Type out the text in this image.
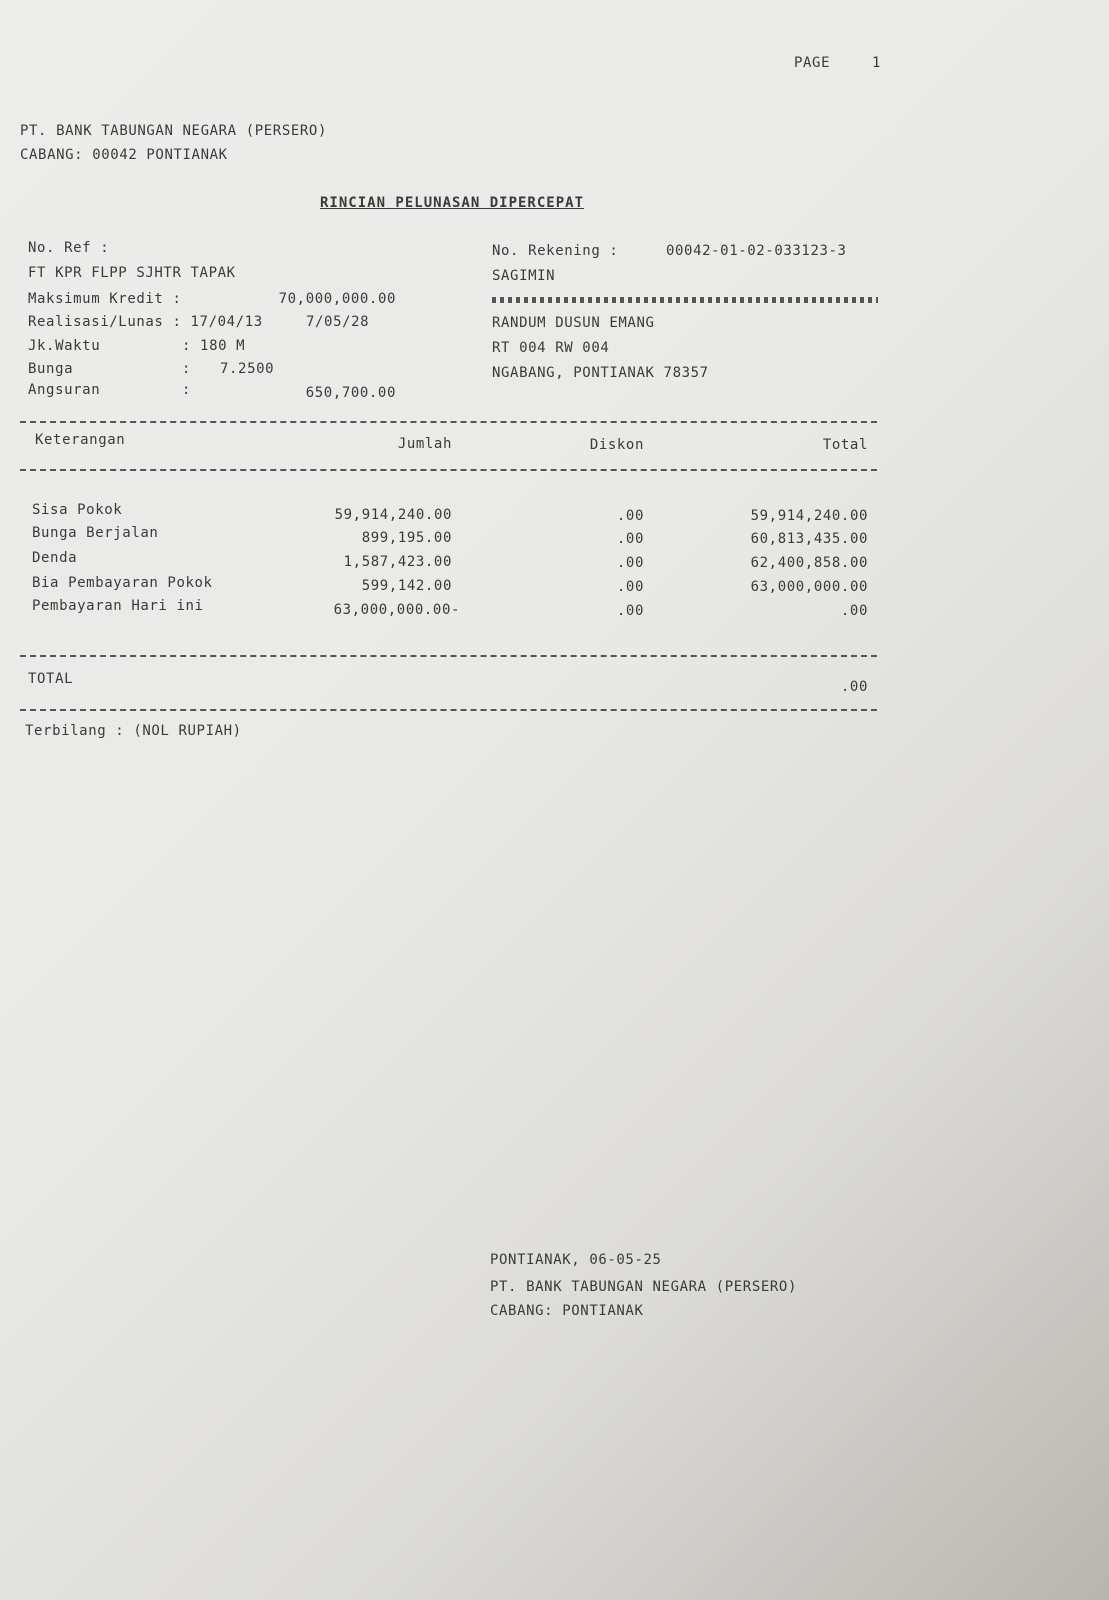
PAGE	1
PT. BANK TABUNGAN NEGARA (PERSERO)
CABANG: 00042 PONTIANAK
RINCIAN PELUNASAN DIPERCEPAT
No. Ref :
FT KPR FLPP SJHTR TAPAK
Maksimum Kredit :	70,000,000.00
Realisasi/Lunas : 17/04/13	7/05/28
Jk.Waktu	: 180 M
Bunga	: 7.2500
Angsuran	:	650,700.00
No. Rekening :	00042-01-02-033123-3
SAGIMIN
RANDUM DUSUN EMANG
RT 004 RW 004
NGABANG, PONTIANAK 78357
Keterangan	Jumlah	Diskon	Total
Sisa Pokok	59,914,240.00	.00	59,914,240.00
Bunga Berjalan	899,195.00	.00	60,813,435.00
Denda	1,587,423.00	.00	62,400,858.00
Bia Pembayaran Pokok	599,142.00	.00	63,000,000.00
Pembayaran Hari ini	63,000,000.00-	.00	.00
TOTAL	.00
Terbilang : (NOL RUPIAH)
PONTIANAK, 06-05-25
PT. BANK TABUNGAN NEGARA (PERSERO)
CABANG: PONTIANAK
